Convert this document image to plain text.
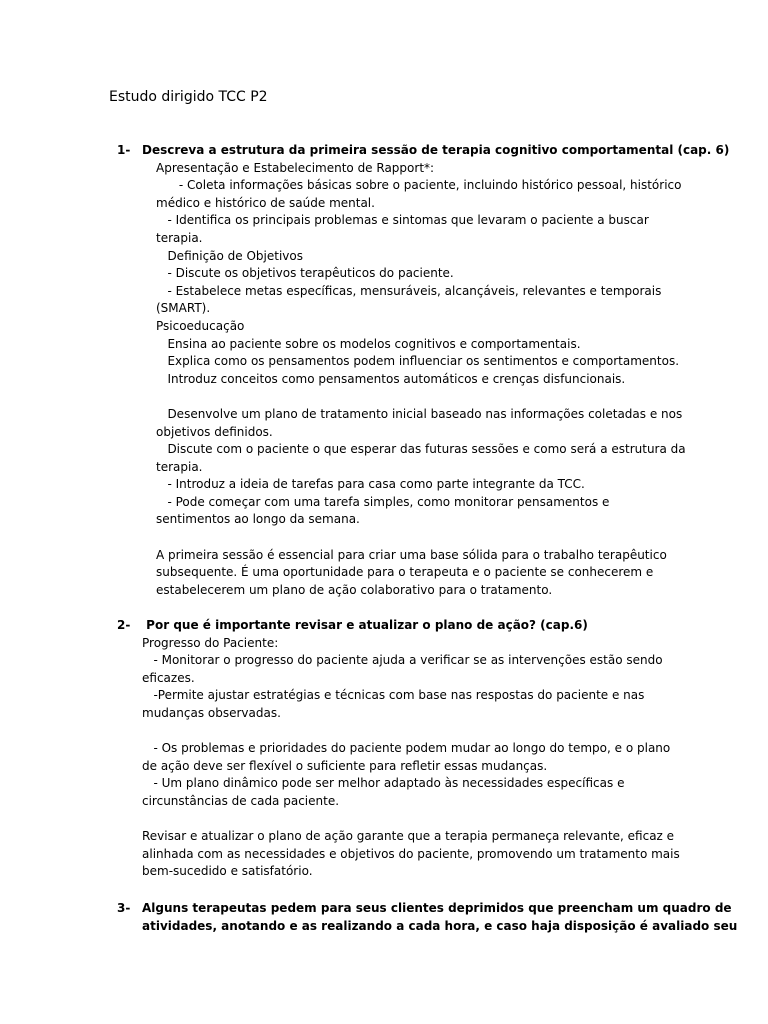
Estudo dirigido TCC P2
1- Descreva a estrutura da primeira sessão de terapia cognitivo comportamental (cap. 6)
Apresentação e Estabelecimento de Rapport*:
- Coleta informações básicas sobre o paciente, incluindo histórico pessoal, histórico
médico e histórico de saúde mental.
- Identifica os principais problemas e sintomas que levaram o paciente a buscar
terapia.
Definição de Objetivos
- Discute os objetivos terapêuticos do paciente.
- Estabelece metas específicas, mensuráveis, alcançáveis, relevantes e temporais
(SMART).
Psicoeducação
Ensina ao paciente sobre os modelos cognitivos e comportamentais.
Explica como os pensamentos podem influenciar os sentimentos e comportamentos.
Introduz conceitos como pensamentos automáticos e crenças disfuncionais.
Desenvolve um plano de tratamento inicial baseado nas informações coletadas e nos
objetivos definidos.
Discute com o paciente o que esperar das futuras sessões e como será a estrutura da
terapia.
- Introduz a ideia de tarefas para casa como parte integrante da TCC.
- Pode começar com uma tarefa simples, como monitorar pensamentos e
sentimentos ao longo da semana.
A primeira sessão é essencial para criar uma base sólida para o trabalho terapêutico
subsequente. É uma oportunidade para o terapeuta e o paciente se conhecerem e
estabelecerem um plano de ação colaborativo para o tratamento.
2- Por que é importante revisar e atualizar o plano de ação? (cap.6)
Progresso do Paciente:
- Monitorar o progresso do paciente ajuda a verificar se as intervenções estão sendo
eficazes.
-Permite ajustar estratégias e técnicas com base nas respostas do paciente e nas
mudanças observadas.
- Os problemas e prioridades do paciente podem mudar ao longo do tempo, e o plano
de ação deve ser flexível o suficiente para refletir essas mudanças.
- Um plano dinâmico pode ser melhor adaptado às necessidades específicas e
circunstâncias de cada paciente.
Revisar e atualizar o plano de ação garante que a terapia permaneça relevante, eficaz e
alinhada com as necessidades e objetivos do paciente, promovendo um tratamento mais
bem-sucedido e satisfatório.
3- Alguns terapeutas pedem para seus clientes deprimidos que preencham um quadro de
atividades, anotando e as realizando a cada hora, e caso haja disposição é avaliado seu
